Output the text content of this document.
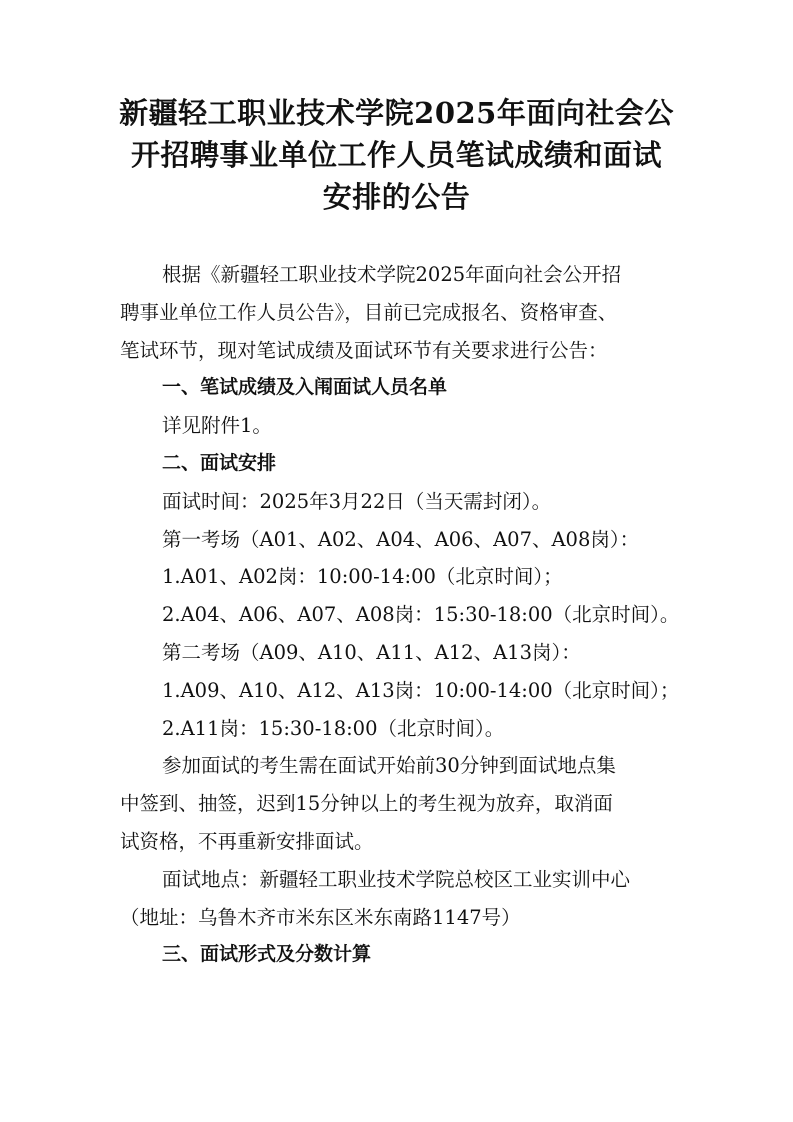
新疆轻工职业技术学院2025年面向社会公
开招聘事业单位工作人员笔试成绩和面试
安排的公告
根据《新疆轻工职业技术学院2025年面向社会公开招
聘事业单位工作人员公告》，目前已完成报名、资格审查、
笔试环节，现对笔试成绩及面试环节有关要求进行公告：
一、笔试成绩及入闱面试人员名单
详见附件1。
二、面试安排
面试时间：2025年3月22日（当天需封闭）。
第一考场（A01、A02、A04、A06、A07、A08岗）：
1.A01、A02岗：10:00-14:00（北京时间）；
2.A04、A06、A07、A08岗：15:30-18:00（北京时间）。
第二考场（A09、A10、A11、A12、A13岗）：
1.A09、A10、A12、A13岗：10:00-14:00（北京时间）；
2.A11岗：15:30-18:00（北京时间）。
参加面试的考生需在面试开始前30分钟到面试地点集
中签到、抽签，迟到15分钟以上的考生视为放弃，取消面
试资格，不再重新安排面试。
面试地点：新疆轻工职业技术学院总校区工业实训中心
（地址：乌鲁木齐市米东区米东南路1147号）
三、面试形式及分数计算
